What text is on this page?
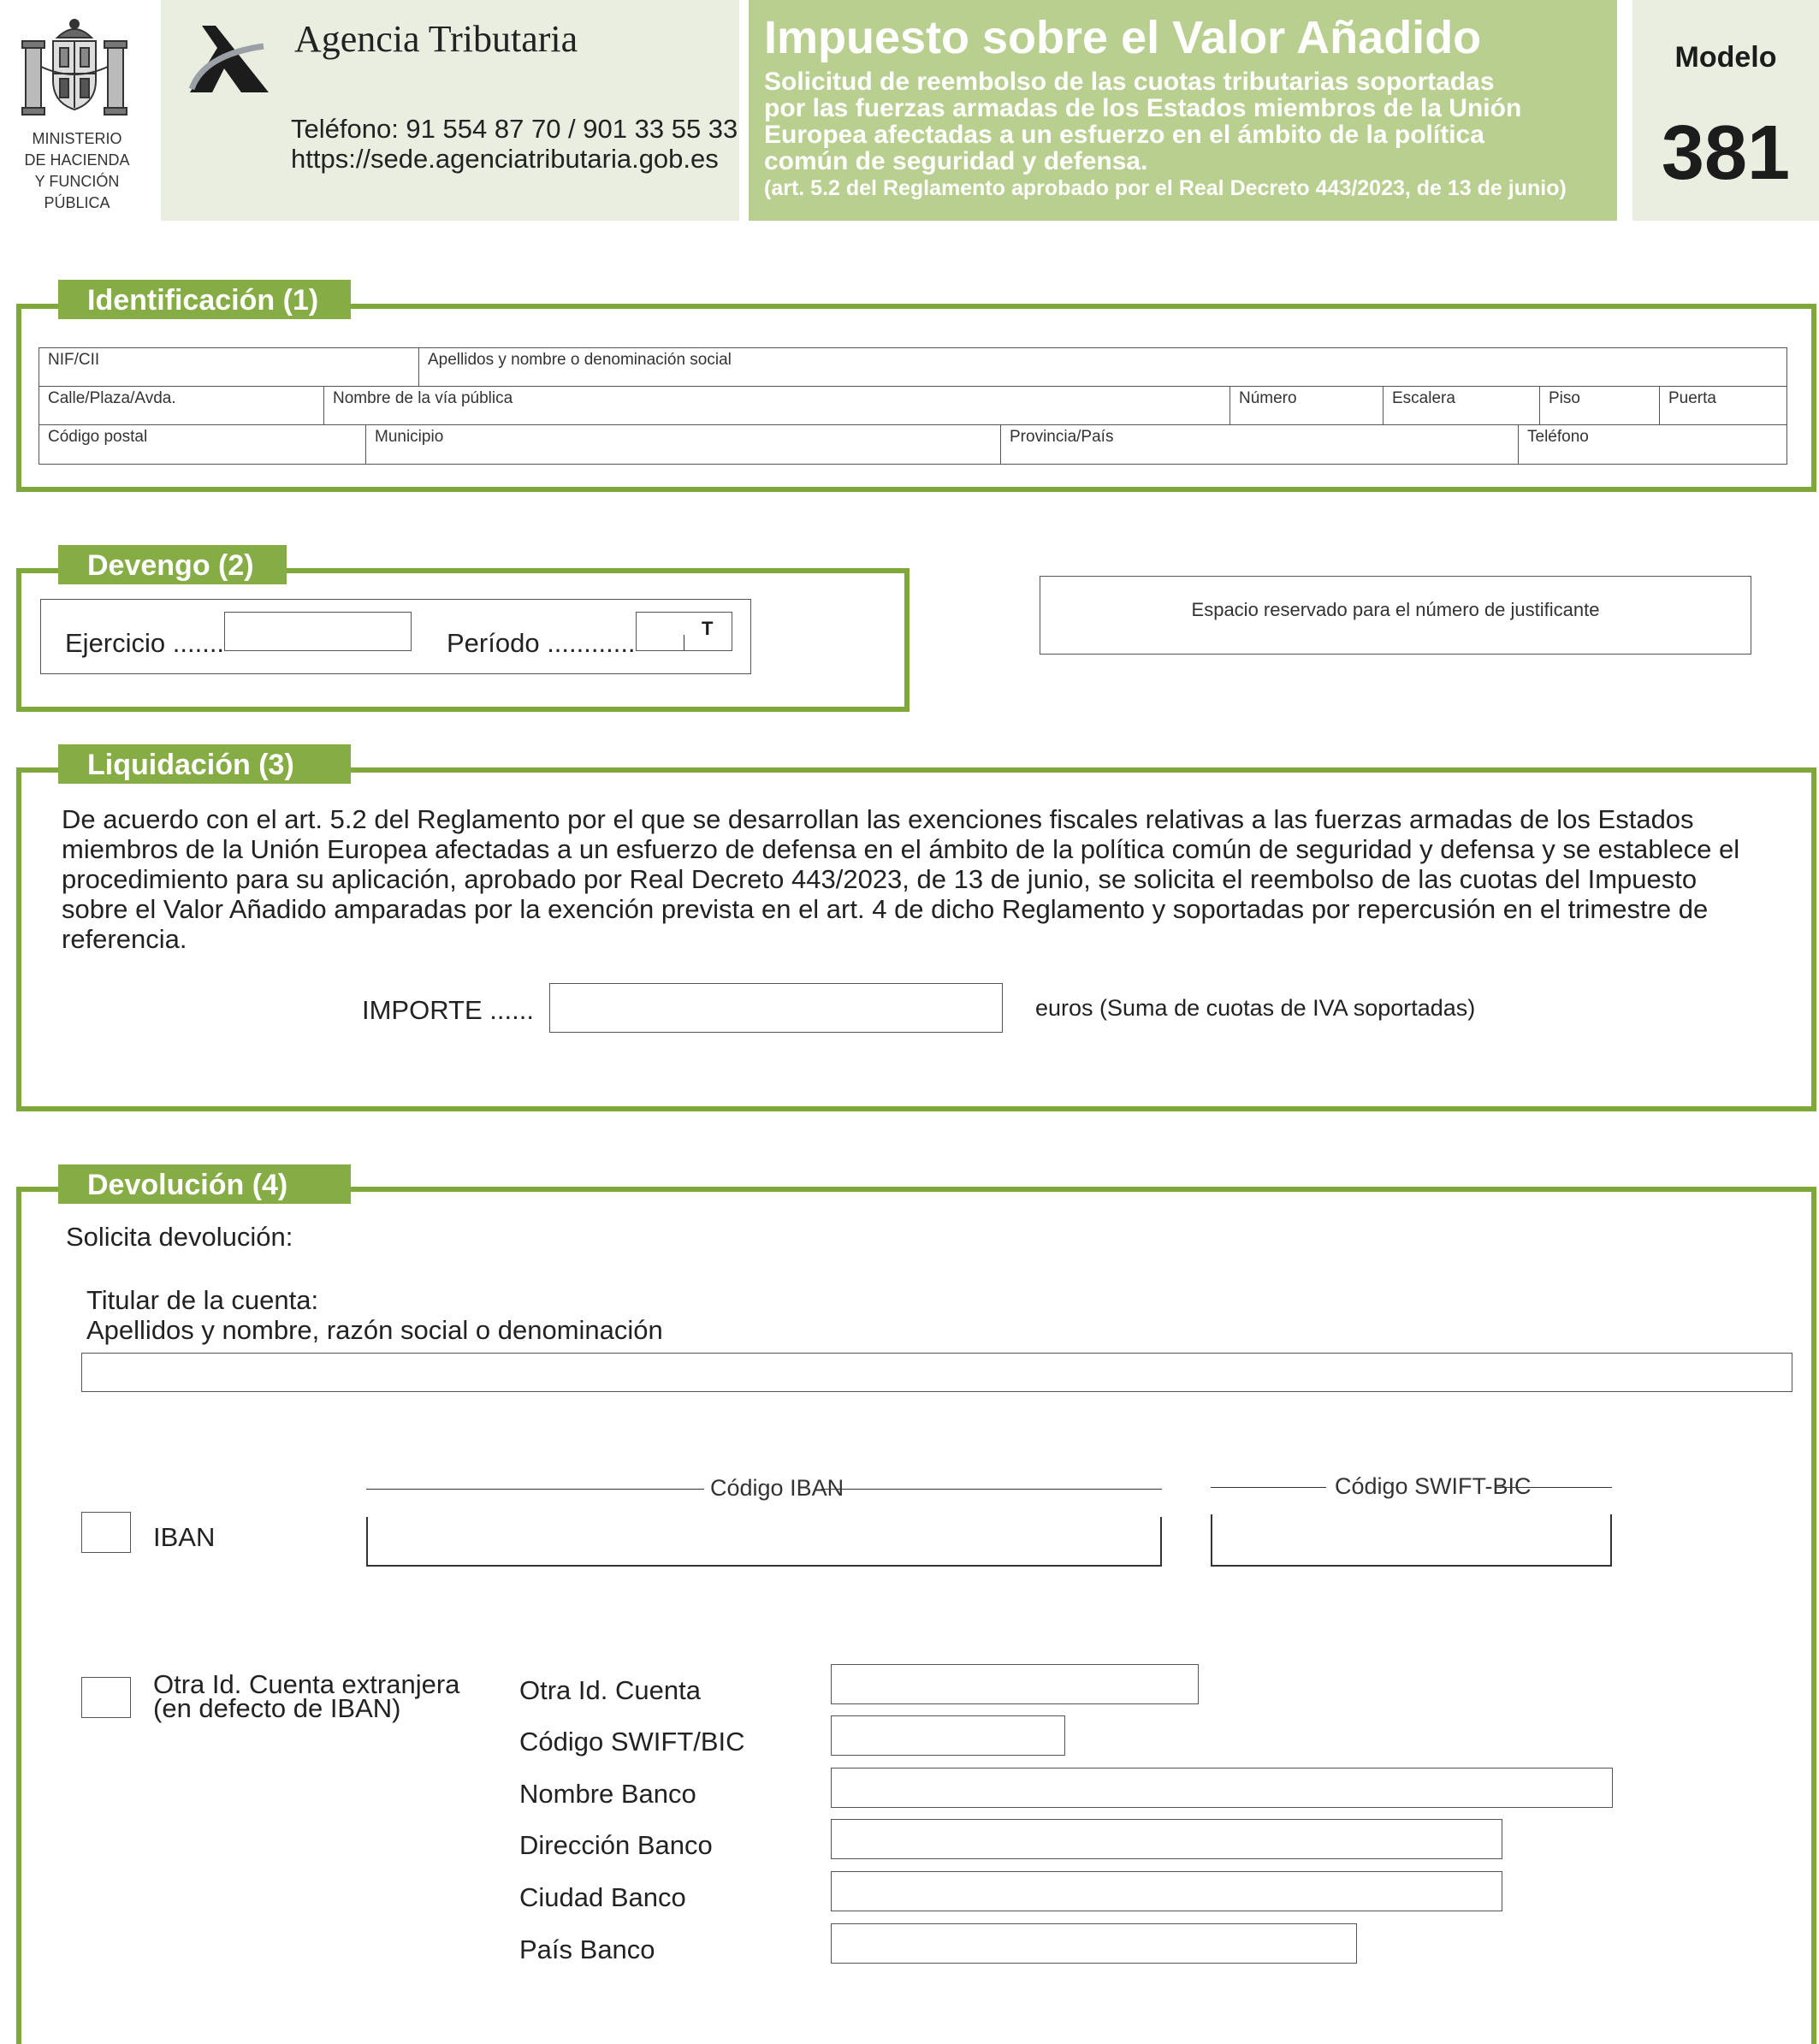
MINISTERIO
DE HACIENDA
Y FUNCIÓN PÚBLICA
Agencia Tributaria
Teléfono: 91 554 87 70 / 901 33 55 33
https://sede.agenciatributaria.gob.es
Impuesto sobre el Valor Añadido
Solicitud de reembolso de las cuotas tributarias soportadas
por las fuerzas armadas de los Estados miembros de la Unión
Europea afectadas a un esfuerzo en el ámbito de la política
común de seguridad y defensa.
(art. 5.2 del Reglamento aprobado por el Real Decreto 443/2023, de 13 de junio)
Modelo
381
Identificación (1)
NIF/CII	Apellidos y nombre o denominación social
Calle/Plaza/Avda.	Nombre de la vía pública	Número	Escalera	Piso	Puerta
Código postal	Municipio	Provincia/País	Teléfono
Devengo (2)
Ejercicio .......	Período ............	T
Espacio reservado para el número de justificante
Liquidación (3)
De acuerdo con el art. 5.2 del Reglamento por el que se desarrollan las exenciones fiscales relativas a las fuerzas armadas de los Estados miembros de la Unión Europea afectadas a un esfuerzo de defensa en el ámbito de la política común de seguridad y defensa y se establece el procedimiento para su aplicación, aprobado por Real Decreto 443/2023, de 13 de junio, se solicita el reembolso de las cuotas del Impuesto sobre el Valor Añadido amparadas por la exención prevista en el art. 4 de dicho Reglamento y soportadas por repercusión en el trimestre de referencia.
IMPORTE ......	euros (Suma de cuotas de IVA soportadas)
Devolución (4)
Solicita devolución:
Titular de la cuenta:
Apellidos y nombre, razón social o denominación
IBAN
Código IBAN	Código SWIFT-BIC
Otra Id. Cuenta extranjera
(en defecto de IBAN)
Otra Id. Cuenta
Código SWIFT/BIC
Nombre Banco
Dirección Banco
Ciudad Banco
País Banco
